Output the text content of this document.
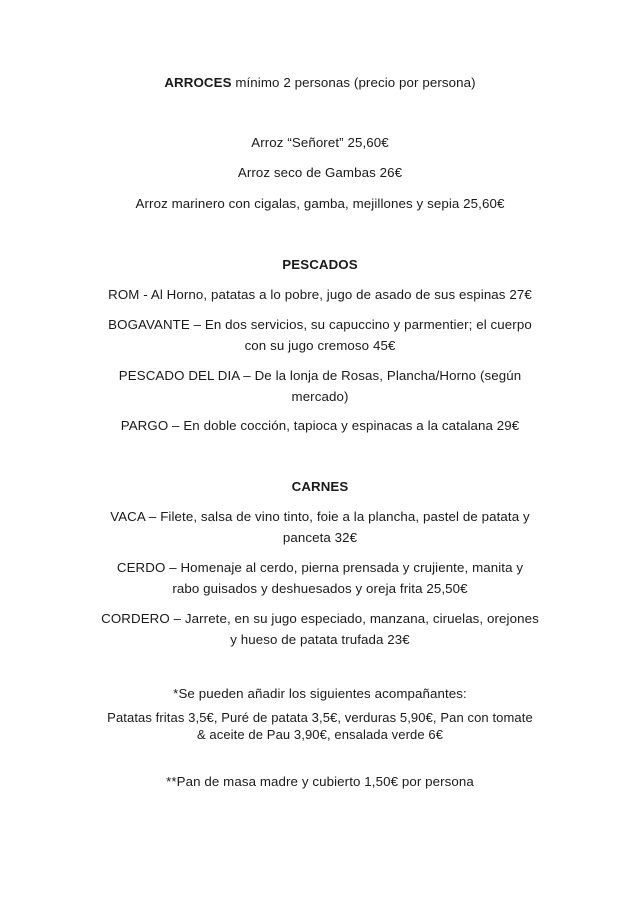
ARROCES mínimo 2 personas (precio por persona)
Arroz “Señoret” 25,60€
Arroz seco de Gambas 26€
Arroz marinero con cigalas, gamba, mejillones y sepia 25,60€
PESCADOS
ROM - Al Horno, patatas a lo pobre, jugo de asado de sus espinas 27€
BOGAVANTE – En dos servicios, su capuccino y parmentier; el cuerpo
con su jugo cremoso 45€
PESCADO DEL DIA – De la lonja de Rosas, Plancha/Horno (según
mercado)
PARGO – En doble cocción, tapioca y espinacas a la catalana 29€
CARNES
VACA – Filete, salsa de vino tinto, foie a la plancha, pastel de patata y
panceta 32€
CERDO – Homenaje al cerdo, pierna prensada y crujiente, manita y
rabo guisados y deshuesados y oreja frita 25,50€
CORDERO – Jarrete, en su jugo especiado, manzana, ciruelas, orejones
y hueso de patata trufada 23€
*Se pueden añadir los siguientes acompañantes:
Patatas fritas 3,5€, Puré de patata 3,5€, verduras 5,90€, Pan con tomate
& aceite de Pau 3,90€, ensalada verde 6€
**Pan de masa madre y cubierto 1,50€ por persona
